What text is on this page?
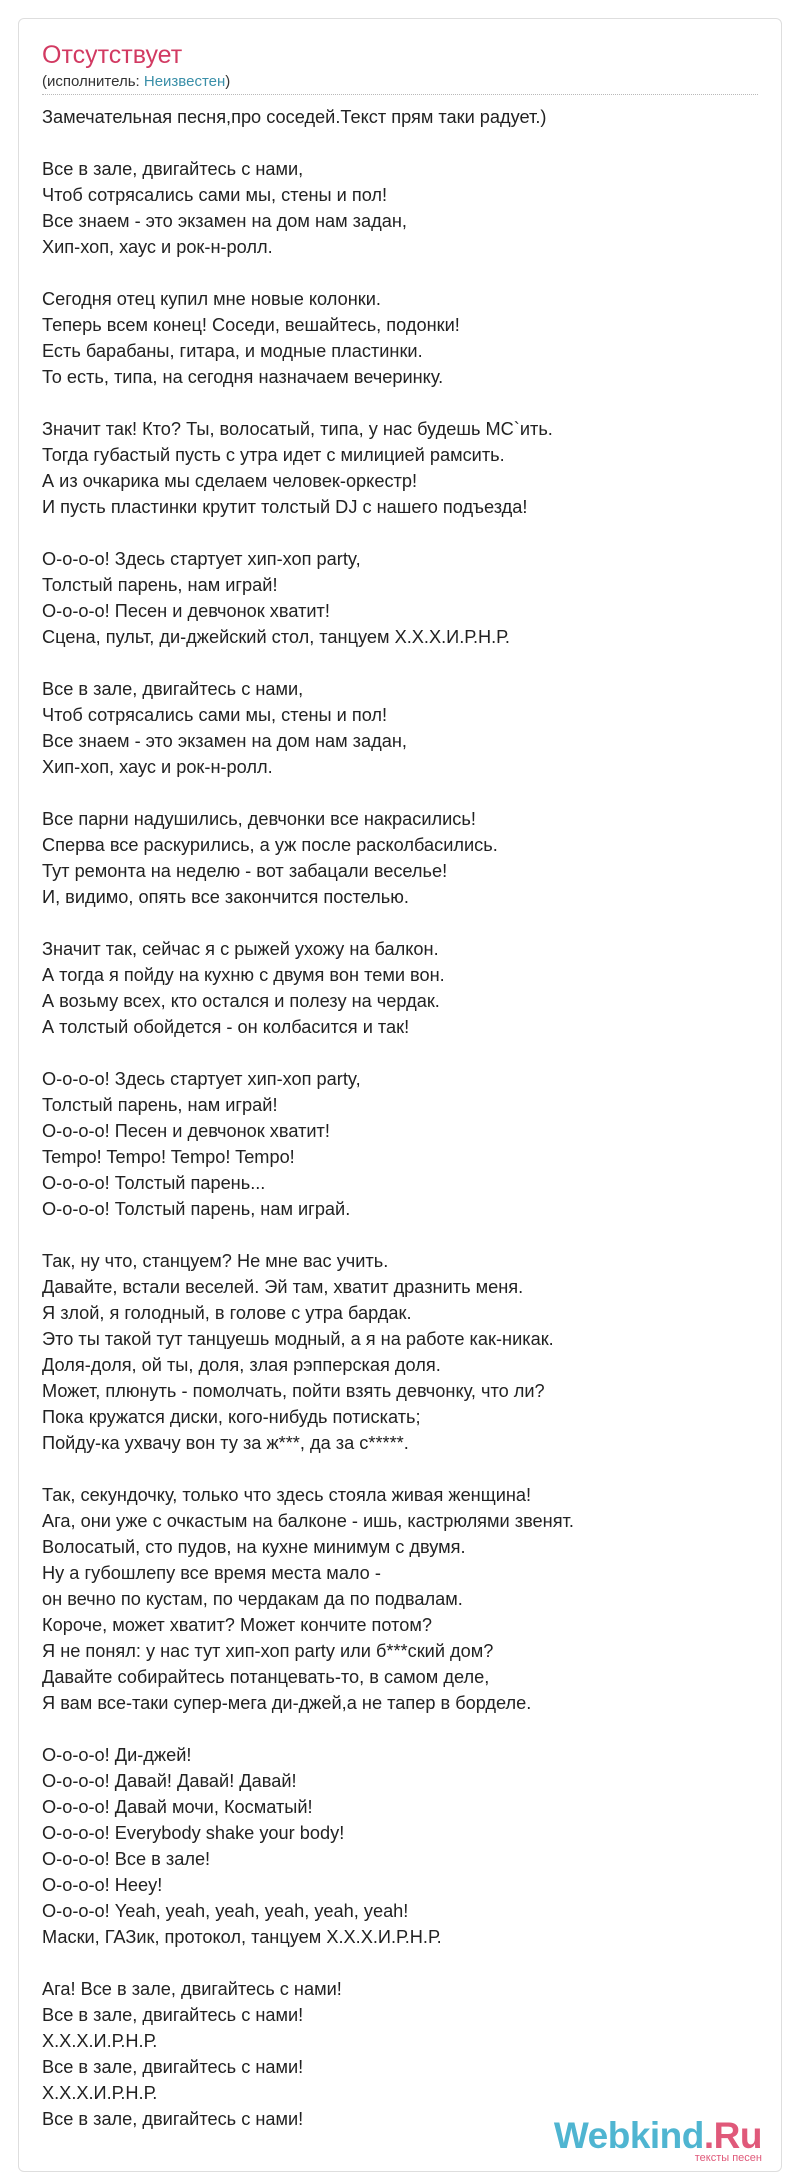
Отсутствует
(исполнитель: Неизвестен)
Замечательная песня,про соседей.Текст прям таки радует.)
Все в зале, двигайтесь с нами,
Чтоб сотрясались сами мы, стены и пол!
Все знаем - это экзамен на дом нам задан,
Хип-хоп, хаус и рок-н-ролл.
Сегодня отец купил мне новые колонки.
Теперь всем конец! Соседи, вешайтесь, подонки!
Есть барабаны, гитара, и модные пластинки.
То есть, типа, на сегодня назначаем вечеринку.
Значит так! Кто? Ты, волосатый, типа, у нас будешь MC`ить.
Тогда губастый пусть с утра идет с милицией рамсить.
А из очкарика мы сделаем человек-оркестр!
И пусть пластинки крутит толстый DJ с нашего подъезда!
О-о-о-о! Здесь стартует хип-хоп party,
Толстый парень, нам играй!
О-о-о-о! Песен и девчонок хватит!
Сцена, пульт, ди-джейский стол, танцуем Х.Х.Х.И.Р.Н.Р.
Все в зале, двигайтесь с нами,
Чтоб сотрясались сами мы, стены и пол!
Все знаем - это экзамен на дом нам задан,
Хип-хоп, хаус и рок-н-ролл.
Все парни надушились, девчонки все накрасились!
Сперва все раскурились, а уж после расколбасились.
Тут ремонта на неделю - вот забацали веселье!
И, видимо, опять все закончится постелью.
Значит так, сейчас я с рыжей ухожу на балкон.
А тогда я пойду на кухню с двумя вон теми вон.
А возьму всех, кто остался и полезу на чердак.
А толстый обойдется - он колбасится и так!
О-о-о-о! Здесь стартует хип-хоп party,
Толстый парень, нам играй!
О-о-о-о! Песен и девчонок хватит!
Tempo! Tempo! Tempo! Tempo!
О-о-о-о! Толстый парень...
О-о-о-о! Толстый парень, нам играй.
Так, ну что, станцуем? Не мне вас учить.
Давайте, встали веселей. Эй там, хватит дразнить меня.
Я злой, я голодный, в голове с утра бардак.
Это ты такой тут танцуешь модный, а я на работе как-никак.
Доля-доля, ой ты, доля, злая рэпперская доля.
Может, плюнуть - помолчать, пойти взять девчонку, что ли?
Пока кружатся диски, кого-нибудь потискать;
Пойду-ка ухвачу вон ту за ж***, да за с*****.
Так, секундочку, только что здесь стояла живая женщина!
Ага, они уже с очкастым на балконе - ишь, кастрюлями звенят.
Волосатый, сто пудов, на кухне минимум с двумя.
Ну а губошлепу все время места мало -
он вечно по кустам, по чердакам да по подвалам.
Короче, может хватит? Может кончите потом?
Я не понял: у нас тут хип-хоп party или б***ский дом?
Давайте собирайтесь потанцевать-то, в самом деле,
Я вам все-таки супер-мега ди-джей,а не тапер в борделе.
О-о-о-о! Ди-джей!
О-о-о-о! Давай! Давай! Давай!
О-о-о-о! Давай мочи, Косматый!
О-о-о-о! Everybody shake your body!
О-о-о-о! Все в зале!
О-о-о-о! Heey!
О-о-о-о! Yeah, yeah, yeah, yeah, yeah, yeah!
Маски, ГАЗик, протокол, танцуем Х.Х.Х.И.Р.Н.Р.
Ага! Все в зале, двигайтесь с нами!
Все в зале, двигайтесь с нами!
Х.Х.Х.И.Р.Н.Р.
Все в зале, двигайтесь с нами!
Х.Х.Х.И.Р.Н.Р.
Все в зале, двигайтесь с нами!	Webkind.Ru
тексты песен
